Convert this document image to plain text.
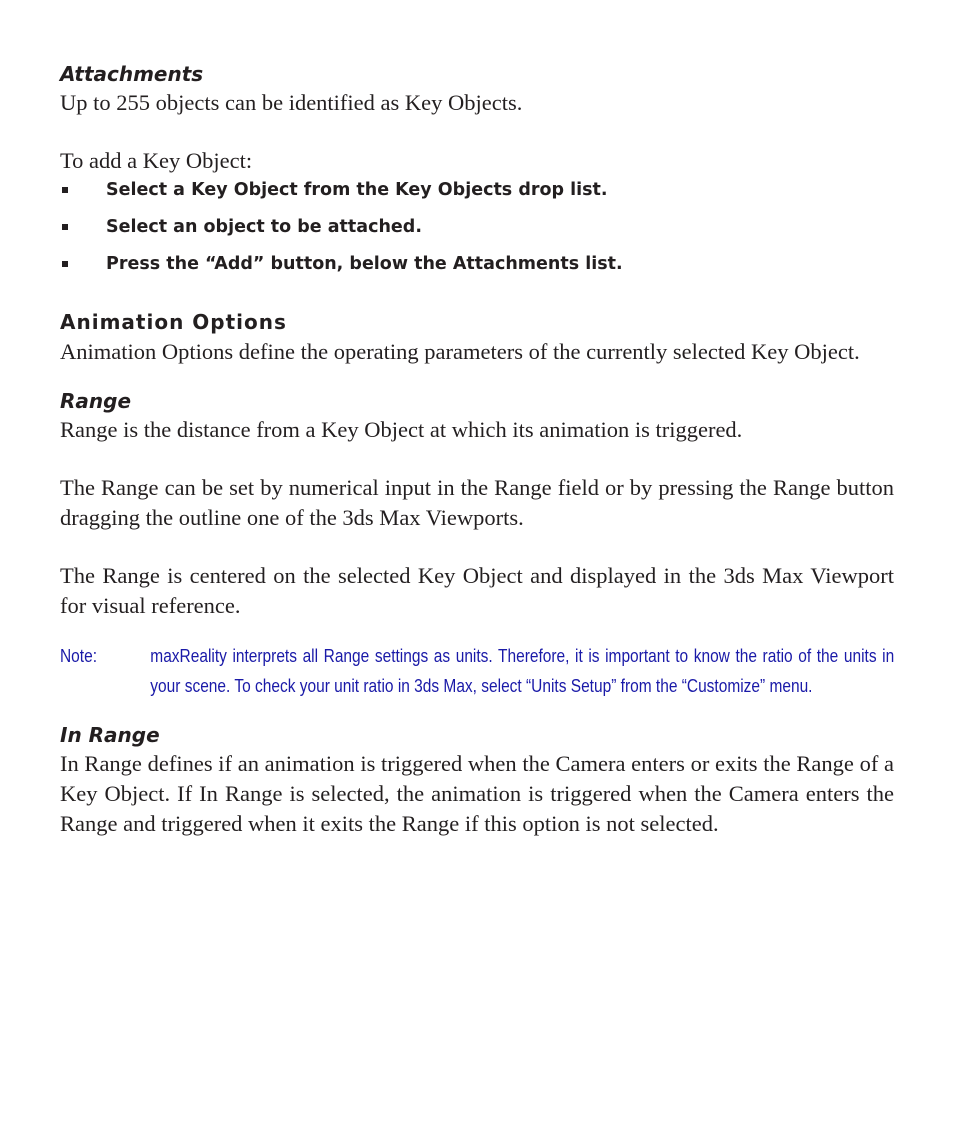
Attachments

Up to 255 objects can be identified as Key Objects.

To add a Key Object:

Select a Key Object from the Key Objects drop list.
Select an object to be attached.
Press the “Add” button, below the Attachments list.
Animation Options

Animation Options define the operating parameters of the currently selected Key Object.

Range

Range is the distance from a Key Object at which its animation is triggered.

The Range can be set by numerical input in the Range field or by pressing the Range button dragging the outline one of the 3ds Max Viewports.

The Range is centered on the selected Key Object and displayed in the 3ds Max Viewport for visual reference.

Note:	maxReality interprets all Range settings as units. Therefore, it is important to know the ratio of the units in your scene. To check your unit ratio in 3ds Max, select “Units Setup” from the “Customize” menu.
In Range

In Range defines if an animation is triggered when the Camera enters or exits the Range of a Key Object. If In Range is selected, the animation is triggered when the Camera enters the Range and triggered when it exits the Range if this option is not selected.
